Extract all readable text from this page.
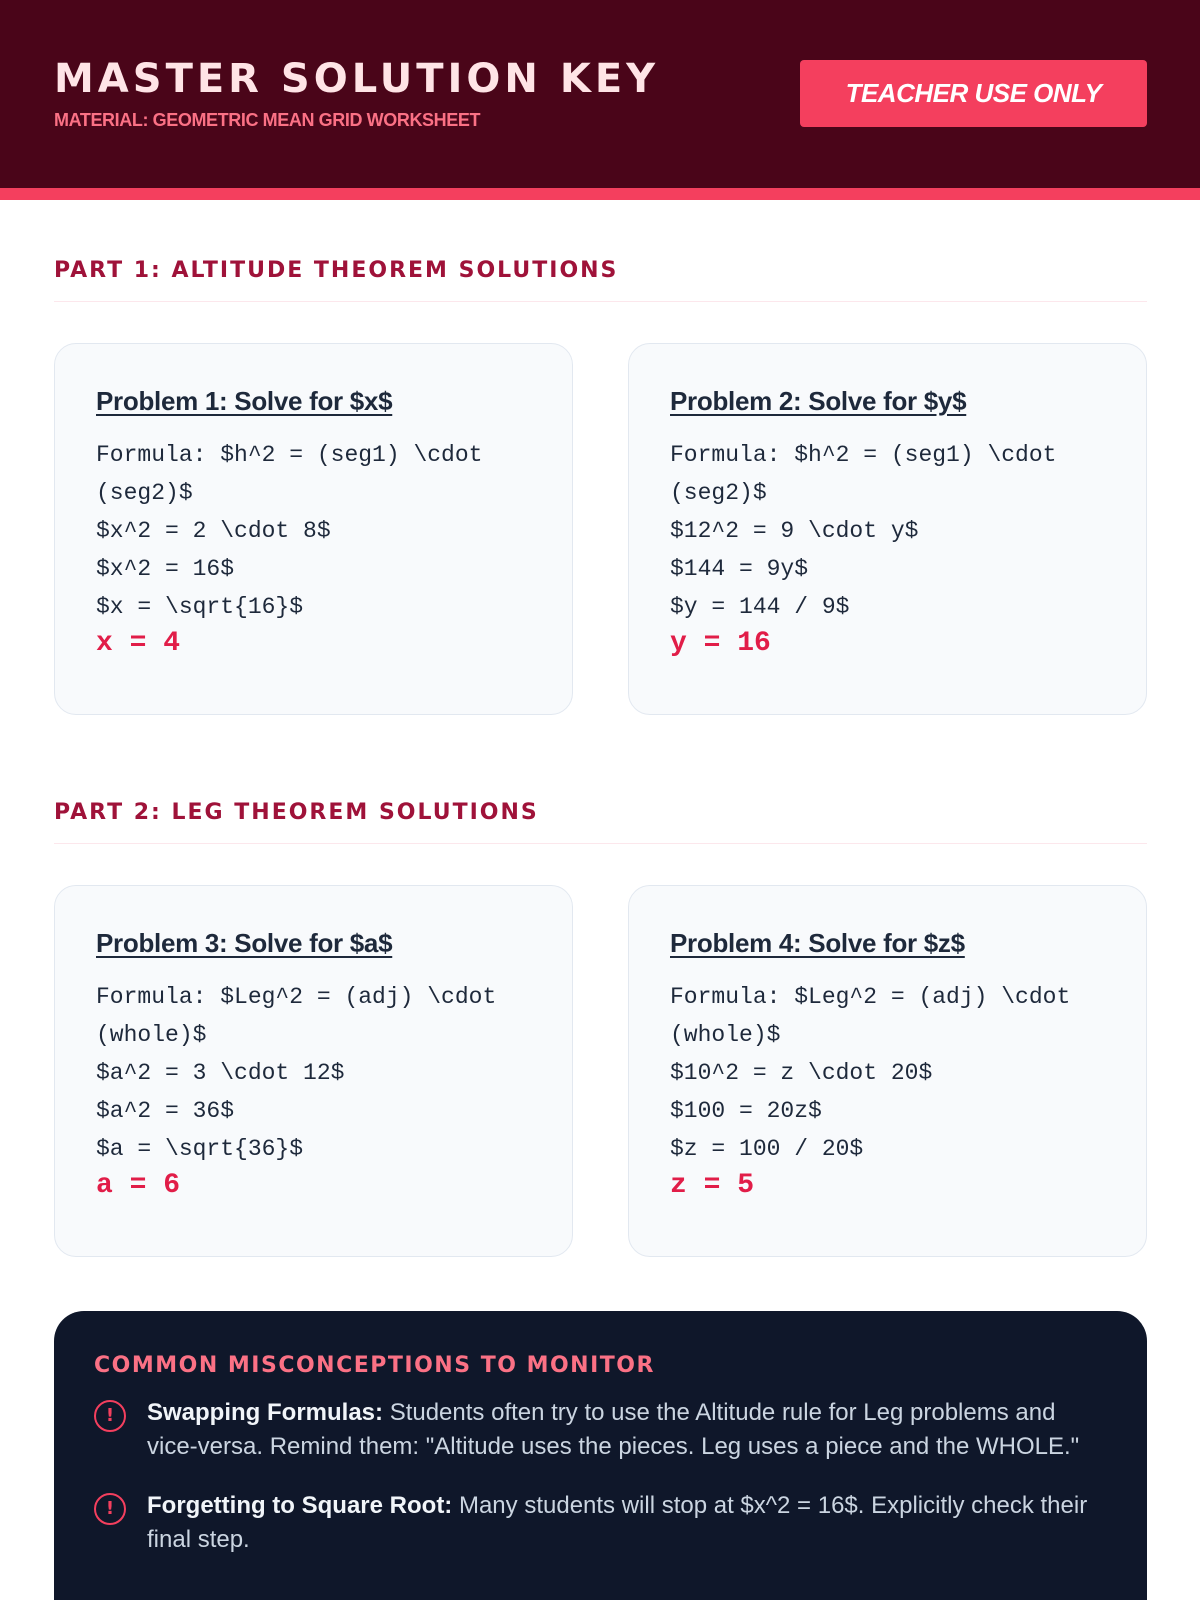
MASTER SOLUTION KEY
MATERIAL: GEOMETRIC MEAN GRID WORKSHEET
TEACHER USE ONLY
PART 1: ALTITUDE THEOREM SOLUTIONS
Problem 1: Solve for $x$
Formula: $h^2 = (seg1) \cdot (seg2)$
$x^2 = 2 \cdot 8$
$x^2 = 16$
$x = \sqrt{16}$
x = 4
Problem 2: Solve for $y$
Formula: $h^2 = (seg1) \cdot (seg2)$
$12^2 = 9 \cdot y$
$144 = 9y$
$y = 144 / 9$
y = 16
PART 2: LEG THEOREM SOLUTIONS
Problem 3: Solve for $a$
Formula: $Leg^2 = (adj) \cdot (whole)$
$a^2 = 3 \cdot 12$
$a^2 = 36$
$a = \sqrt{36}$
a = 6
Problem 4: Solve for $z$
Formula: $Leg^2 = (adj) \cdot (whole)$
$10^2 = z \cdot 20$
$100 = 20z$
$z = 100 / 20$
z = 5
COMMON MISCONCEPTIONS TO MONITOR
!	Swapping Formulas: Students often try to use the Altitude rule for Leg problems and vice-versa. Remind them: "Altitude uses the pieces. Leg uses a piece and the WHOLE."
!	Forgetting to Square Root: Many students will stop at $x^2 = 16$. Explicitly check their final step.
